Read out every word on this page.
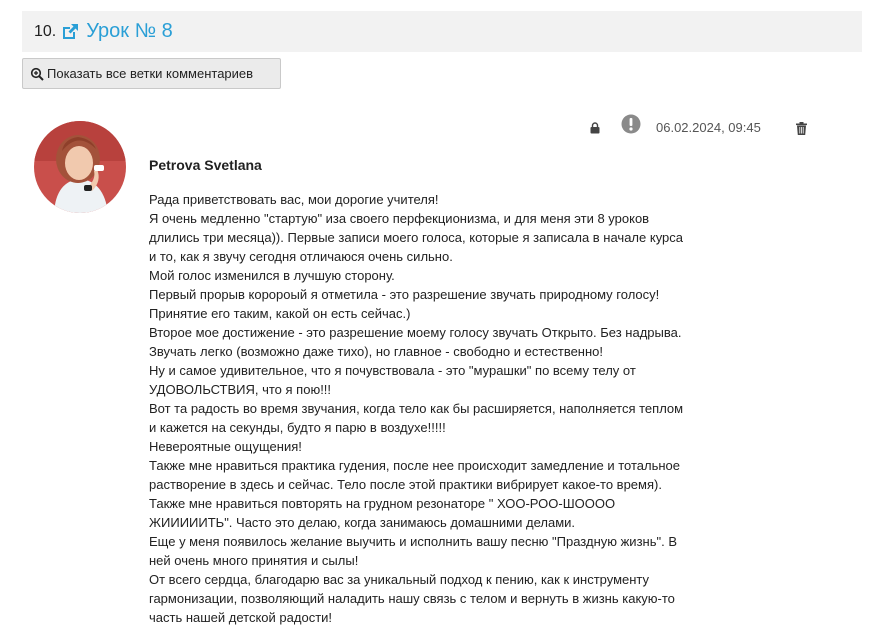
10. Урок № 8
Показать все ветки комментариев
Petrova Svetlana
06.02.2024, 09:45

Рада приветствовать вас, мои дорогие учителя!

Я очень медленно "стартую" иза своего перфекционизма, и для меня эти 8 уроков

длились три месяца)). Первые записи моего голоса, которые я записала в начале курса

и то, как я звучу сегодня отличаюся очень сильно.

Мой голос изменился в лучшую сторону.

Первый прорыв коророый я отметила - это разрешение звучать природному голосу!

Принятие его таким, какой он есть сейчас.)

Второе мое достижение - это разрешение моему голосу звучать Открыто. Без надрыва.

Звучать легко (возможно даже тихо), но главное - свободно и естественно!

Ну и самое удивительное, что я почувствовала - это "мурашки" по всему телу от

УДОВОЛЬСТВИЯ, что я пою!!!

Вот та радость во время звучания, когда тело как бы расширяется, наполняется теплом

и кажется на секунды, будто я парю в воздухе!!!!!

Невероятные ощущения!

Также мне нравиться практика гудения, после нее происходит замедление и тотальное

растворение в здесь и сейчас. Тело после этой практики вибрирует какое-то время).

Также мне нравиться повторять на грудном резонаторе " ХОО-РОО-ШОООО

ЖИИИИИТЬ". Часто это делаю, когда занимаюсь домашними делами.

Еще у меня появилось желание выучить и исполнить вашу песню "Праздную жизнь". В

ней очень много принятия и сылы!

От всего сердца, благодарю вас за уникальный подход к пению, как к инструменту

гармонизации, позволяющий наладить нашу связь с телом и вернуть в жизнь какую-то

часть нашей детской радости!
